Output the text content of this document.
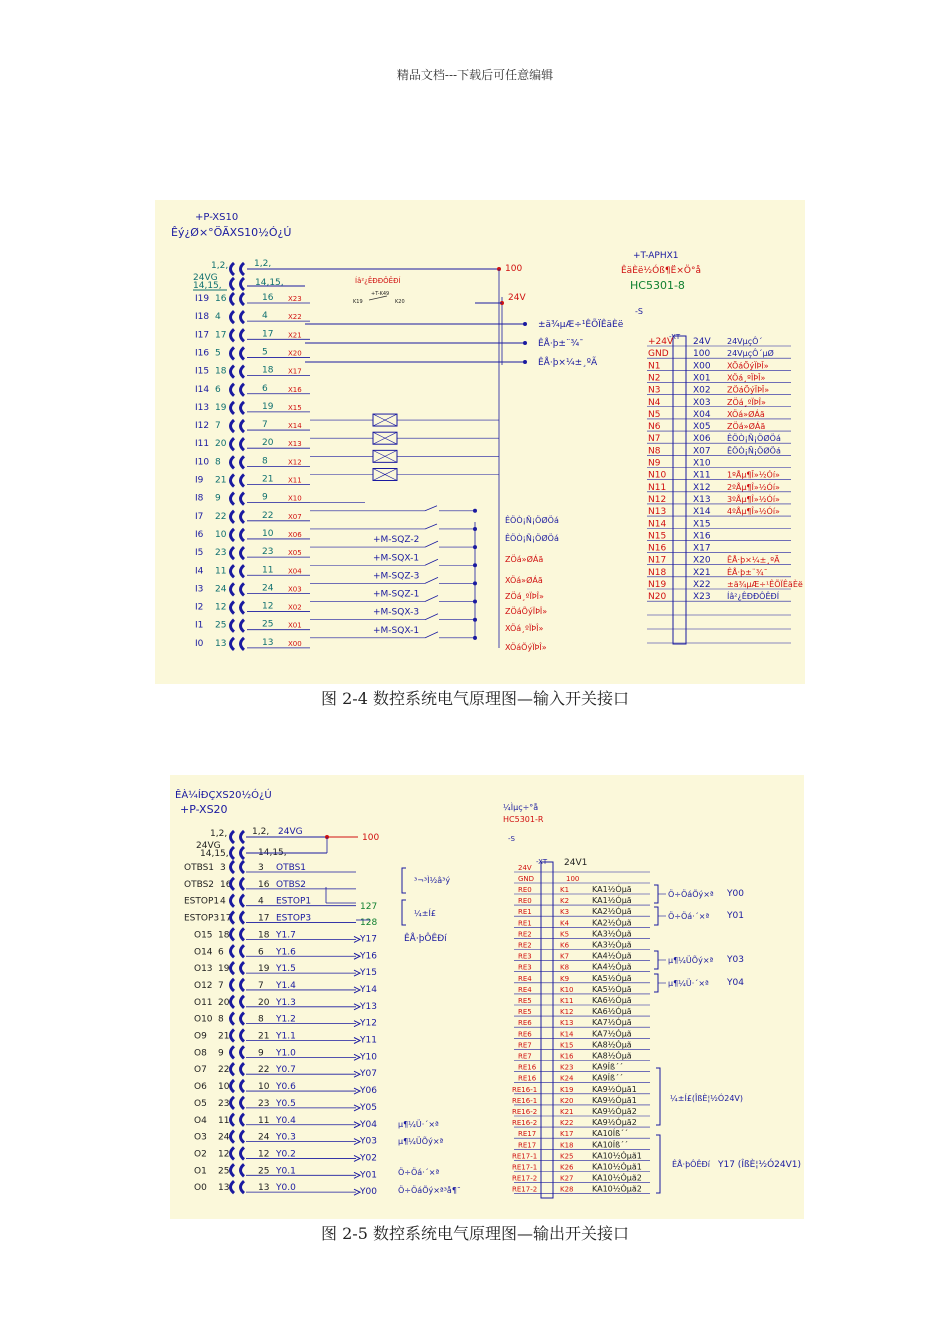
精品文档---下载后可任意编辑
+P-XS10
Êý¿Ø×°ÖÃXS10½Ó¿Ú
+T-APHX1
ÊäÈë½Óß¶Ë×Ö°å
HC5301-8
-S
1,2,
24VG
14,15,
1,2,
14,15,
100
Íâ²¿ÊÐÐÔÊÐÍ
K19	K20
+T-K49	24V
±ä¾µÆ÷¹ÊÕÏÊäÈë
ÊÅ·þ±¨¾¯
ÊÅ·þ×¼±¸ºÃ
I19 16	16 X23
I18 4	4	X22
I17 17	17 X21
I16 5	5	X20
I15 18	18 X17
I14 6	6	X16
I13 19	19 X15
I12 7	7	X14
I11 20	20 X13
I10 8	8	X12
I9 21	21 X11
I8 9	9	X10
I7 22	22 X07
I6 10	10 X06
I5 23	23 X05
+M-SQZ-2
I4 11	11 X04
+M-SQX-1
I3 24	24 X03
+M-SQZ-3
I2 12	12 X02
+M-SQZ-1
I1 25	25 X01
+M-SQX-3
I0 13	13 X00
+M-SQX-1
ÊÖÒ¡Ñ¡ÖØÖá
ÊÖÒ¡Ñ¡ÖØÖá
ZÖá»ØÁã
XÖá»ØÁã
ZÖá¸ºÏÞÎ»
ZÖáÕýÏÞÎ»
XÖá¸ºÏÞÎ»
XÖáÕýÏÞÎ»
-XT
+24V 24V 24VµçÔ´
GND	100 24VµçÔ´µØ
N1	X00 XÕáÕýÏÞÎ»
N2	X01 XÖá¸ºÏÞÎ»
N3	X02 ZÖáÕýÏÞÎ»
N4	X03 ZÖá¸ºÏÞÎ»
N5	X04 XÖá»ØÁã
N6	X05 ZÖá»ØÁã
N7	X06 ÊÖÒ¡Ñ¡ÖØÖá
N8	X07 ÊÖÒ¡Ñ¡ÖØÖá
N9	X10
N10	X11 1ºÅµ¶Î»½Óí»
N11	X12 2ºÅµ¶Î»½Óí»
N12	X13 3ºÅµ¶Î»½Óí»
N13	X14 4ºÅµ¶Î»½Óí»
N14	X15
N15	X16
N16	X17
N17	X20 ÊÅ·þ×¼±¸ºÃ
N18	X21 ÊÅ·þ±¨¾¯
N19	X22 ±ä¾µÆ÷¹ÊÕÏÊäÈë
N20	X23 Íâ²¿ÊÐÐÔÊÐÍ
图 2-4 数控系统电气原理图—输入开关接口
ÊÀ¼ÍÐÇXS20½Ó¿Ú
+P-XS20	¼Ìµç÷°å
HC5301-R
-S
1,2,
24VG
14,15,
1,2, 24VG
14,15,
100
OTBS1 3	3 OTBS1
OTBS2 16	16 OTBS2
ESTOP1 4	4 ESTOP1
ESTOP3 17	17 ESTOP3
O15 18	18 Y1.7	Y17
O14 6	6 Y1.6	Y16
O13 19	19 Y1.5	Y15
O12 7	7 Y1.4	Y14
O11 20	20 Y1.3	Y13
O10 8	8 Y1.2	Y12
O9 21	21 Y1.1	Y11
O8 9	9 Y1.0	Y10
O7 22	22 Y0.7	Y07
O6 10	10 Y0.6	Y06
O5 23	23 Y0.5	Y05
O4 11	11 Y0.4	Y04
O3 24	24 Y0.3	Y03
O2 12	12 Y0.2	Y02
O1 25	25 Y0.1	Y01
O0 13	13 Y0.0	Y00
127
128
³¬³Ì½â³ý
¼±Í£
ÊÅ·þÔÊÐí
µ¶¼Ü·´×ª
µ¶¼ÜÕý×ª
Ö÷Öá·´×ª
Ö÷ÖáÕý×ª³å¶¯
-XT
24V	24V1
GND	100
RE0	K1	KA1½Óµã
RE0	K2	KA1½Óµã
RE1	K3	KA2½Óµã
RE1	K4	KA2½Óµã
RE2	K5	KA3½Óµã
RE2	K6	KA3½Óµã
RE3	K7	KA4½Óµã
RE3	K8	KA4½Óµã
RE4	K9	KA5½Óµã
RE4	K10 KA5½Óµã
RE5	K11 KA6½Óµã
RE5	K12 KA6½Óµã
RE6	K13 KA7½Óµã
RE6	K14 KA7½Óµã
RE7	K15 KA8½Óµã
RE7	K16 KA8½Óµã
RE16	K23 KA9Íß´´
RE16	K24 KA9Íß´´
RE16-1	K19 KA9½Óµã1
RE16-1	K20 KA9½Óµã1
RE16-2	K21 KA9½Óµã2
RE16-2	K22 KA9½Óµã2
RE17	K17 KA10Íß´´
RE17	K18 KA10Íß´´
RE17-1	K25 KA10½Óµã1
RE17-1	K26 KA10½Óµã1
RE17-2	K27 KA10½Óµã2
RE17-2	K28 KA10½Óµã2
Ö÷ÖáÕý×ª Y00
Ö÷Öá·´×ª Y01
µ¶¼ÜÕý×ª Y03
µ¶¼Ü·´×ª Y04
¼±Í£(ÎßÈ¦½Ó24V)
ÊÅ·þÔÊÐí Y17 (ÎßÈ¦½Ó24V1)
图 2-5 数控系统电气原理图—输出开关接口
